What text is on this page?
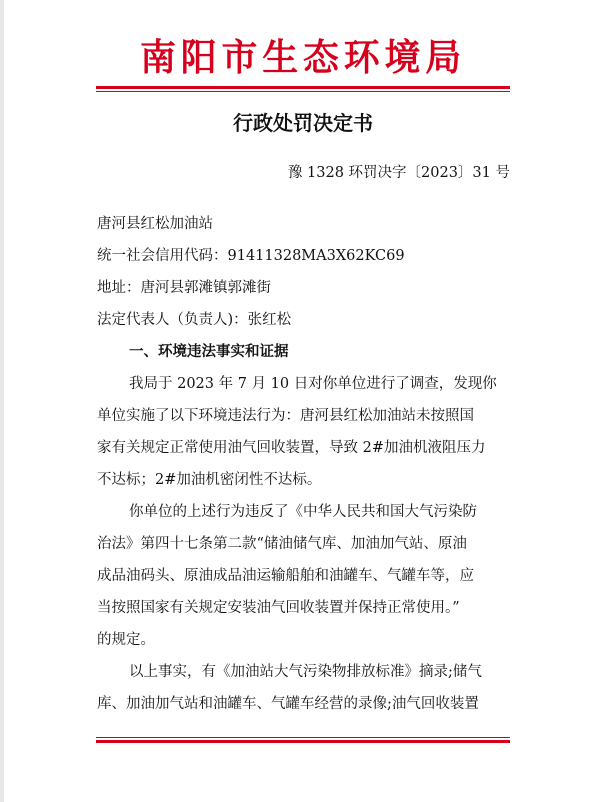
南阳市生态环境局
行政处罚决定书
豫 1328 环罚决字〔2023〕31 号
唐河县红松加油站
统一社会信用代码：91411328MA3X62KC69
地址：唐河县郭滩镇郭滩街
法定代表人（负责人)：张红松
一、环境违法事实和证据
我局于 2023 年 7 月 10 日对你单位进行了调查，发现你
单位实施了以下环境违法行为：唐河县红松加油站未按照国
家有关规定正常使用油气回收装置，导致 2#加油机液阻压力
不达标；2#加油机密闭性不达标。
你单位的上述行为违反了《中华人民共和国大气污染防
治法》第四十七条第二款“储油储气库、加油加气站、原油
成品油码头、原油成品油运输船舶和油罐车、气罐车等，应
当按照国家有关规定安装油气回收装置并保持正常使用。”
的规定。
以上事实，有《加油站大气污染物排放标准》摘录;储气
库、加油加气站和油罐车、气罐车经营的录像;油气回收装置
